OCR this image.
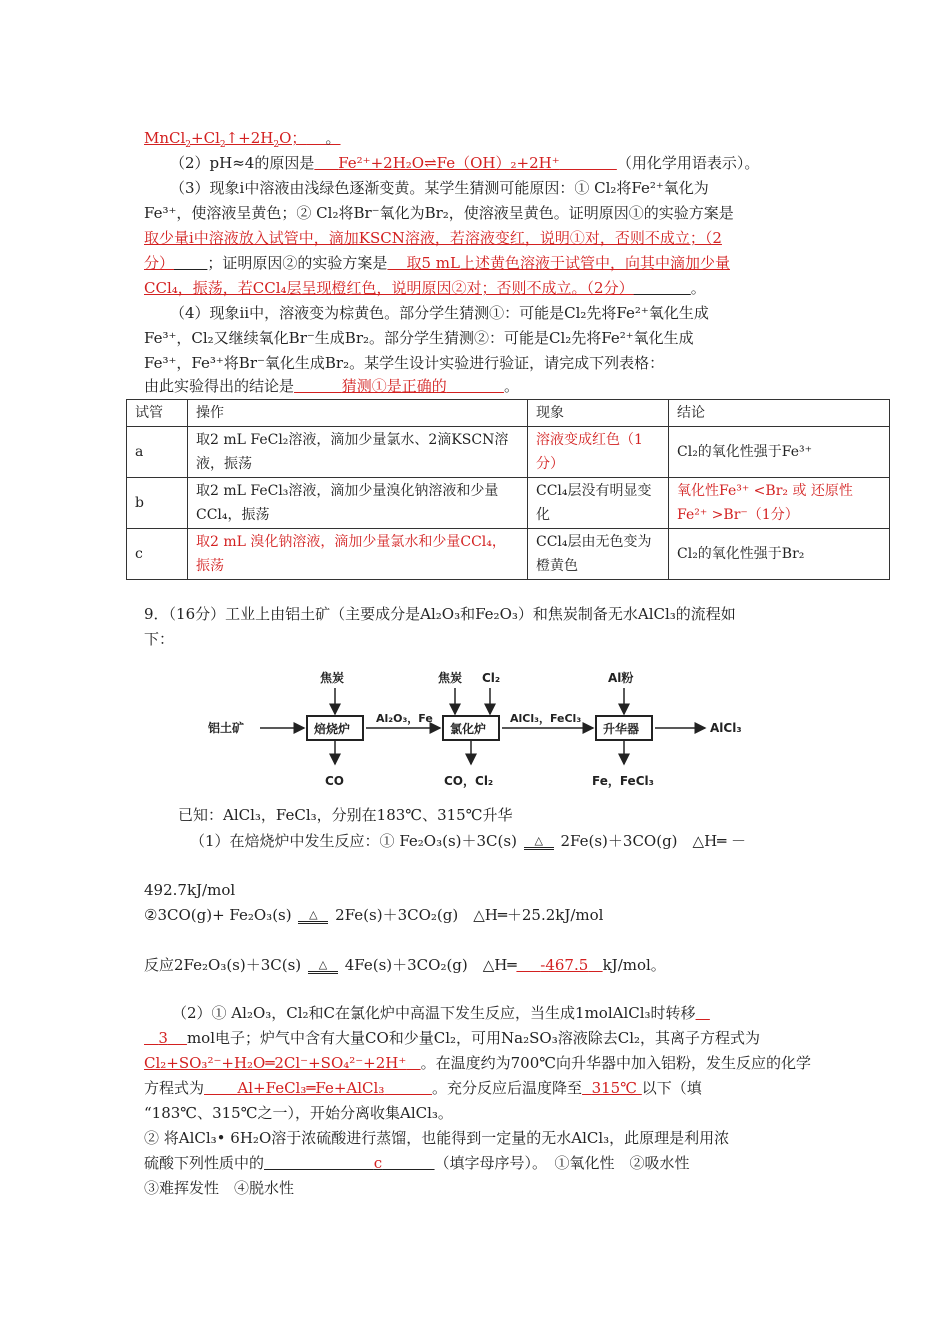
$MnCl_2+Cl_2↑+2H_2O$； 。
（2）pH≈4的原因是 Fe²⁺+2H₂O⇌Fe（OH）₂+2H⁺	（用化学用语表示）。
（3）现象ⅰ中溶液由浅绿色逐渐变黄。某学生猜测可能原因：① Cl₂将Fe²⁺氧化为
Fe³⁺，使溶液呈黄色；② Cl₂将Br⁻氧化为Br₂，使溶液呈黄色。证明原因①的实验方案是
取少量ⅰ中溶液放入试管中，滴加KSCN溶液，若溶液变红，说明①对，否则不成立；（2
分） ；证明原因②的实验方案是 取5 mL上述黄色溶液于试管中，向其中滴加少量
CCl₄，振荡，若CCl₄层呈现橙红色，说明原因②对；否则不成立。（2分）	。
（4）现象ⅱ中，溶液变为棕黄色。部分学生猜测①：可能是Cl₂先将Fe²⁺氧化生成
Fe³⁺，Cl₂又继续氧化Br⁻生成Br₂。部分学生猜测②：可能是Cl₂先将Fe²⁺氧化生成
Fe³⁺，Fe³⁺将Br⁻氧化生成Br₂。某学生设计实验进行验证，请完成下列表格：
由此实验得出的结论是	猜测①是正确的	。
试管	操作	现象	结论
a	取2 mL FeCl₂溶液，滴加少量氯水、2滴KSCN溶液，振荡	溶液变成红色（1分）	Cl₂的氧化性强于Fe³⁺
b	取2 mL FeCl₃溶液，滴加少量溴化钠溶液和少量CCl₄，振荡	CCl₄层没有明显变化	氧化性Fe³⁺ <Br₂ 或 还原性Fe²⁺ >Br⁻（1分）
c	取2 mL 溴化钠溶液，滴加少量氯水和少量CCl₄，振荡	CCl₄层由无色变为橙黄色	Cl₂的氧化性强于Br₂
9．（16分）工业上由铝土矿（主要成分是Al₂O₃和Fe₂O₃）和焦炭制备无水AlCl₃的流程如
下：
铝土矿	焙烧炉
焦炭
CO
Al₂O₃，Fe
氯化炉
焦炭 Cl₂
CO，Cl₂
AlCl₃，FeCl₃
升华器
Al粉
Fe，FeCl₃
AlCl₃
已知：AlCl₃，FeCl₃，分别在183℃、315℃升华
（1）在焙烧炉中发生反应：① Fe₂O₃(s)＋3C(s) △ 2Fe(s)＋3CO(g)　△H═ －
492.7kJ/mol
②3CO(g)+ Fe₂O₃(s) △ 2Fe(s)＋3CO₂(g)　△H═＋25.2kJ/mol
反应2Fe₂O₃(s)＋3C(s) △ 4Fe(s)＋3CO₂(g)　△H═ -467.5 kJ/mol。
（2）① Al₂O₃，Cl₂和C在氯化炉中高温下发生反应，当生成1molAlCl₃时转移
3 mol电子；炉气中含有大量CO和少量Cl₂，可用Na₂SO₃溶液除去Cl₂，其离子方程式为
Cl₂+SO₃²⁻+H₂O═2Cl⁻+SO₄²⁻+2H⁺ 。在温度约为700℃向升华器中加入铝粉，发生反应的化学
方程式为 Al+FeCl₃═Fe+AlCl₃	。充分反应后温度降至 315℃ 以下（填
“183℃、315℃之一），开始分离收集AlCl₃。
② 将AlCl₃• 6H₂O溶于浓硫酸进行蒸馏，也能得到一定量的无水AlCl₃，此原理是利用浓
硫酸下列性质中的	c	（填字母序号）。　①氧化性　②吸水性
③难挥发性　④脱水性
